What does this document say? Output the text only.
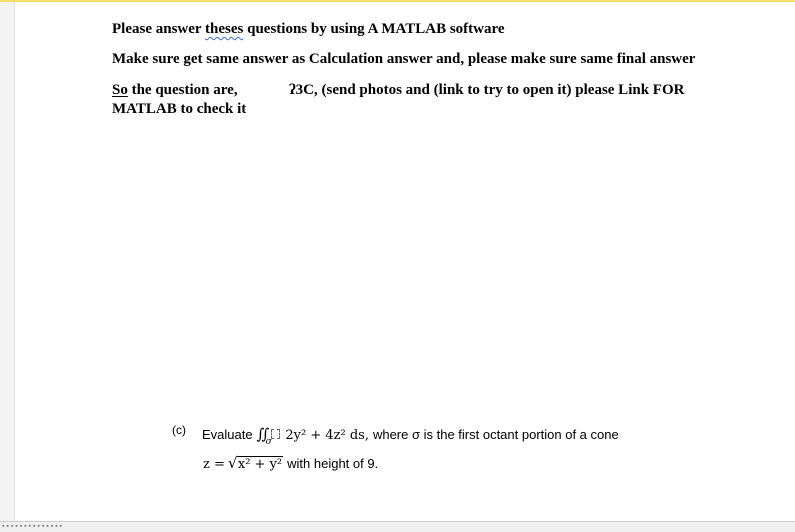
Please answer theses questions by using A MATLAB software
Make sure get same answer as Calculation answer and, please make sure same final answer
So the question are,	ʔ3C, (send photos and (link to try to open it) please Link FOR
MATLAB to check it
(c) Evaluate ∬ σ 2y² + 4z² ds, where σ is the first octant portion of a cone
z = √ x² + y² with height of 9.
▪ ▪ ▪ ▪ ▪ ▪ ▪ ▪ ▪ ▪ ▪ ▪ ▪ ▪
